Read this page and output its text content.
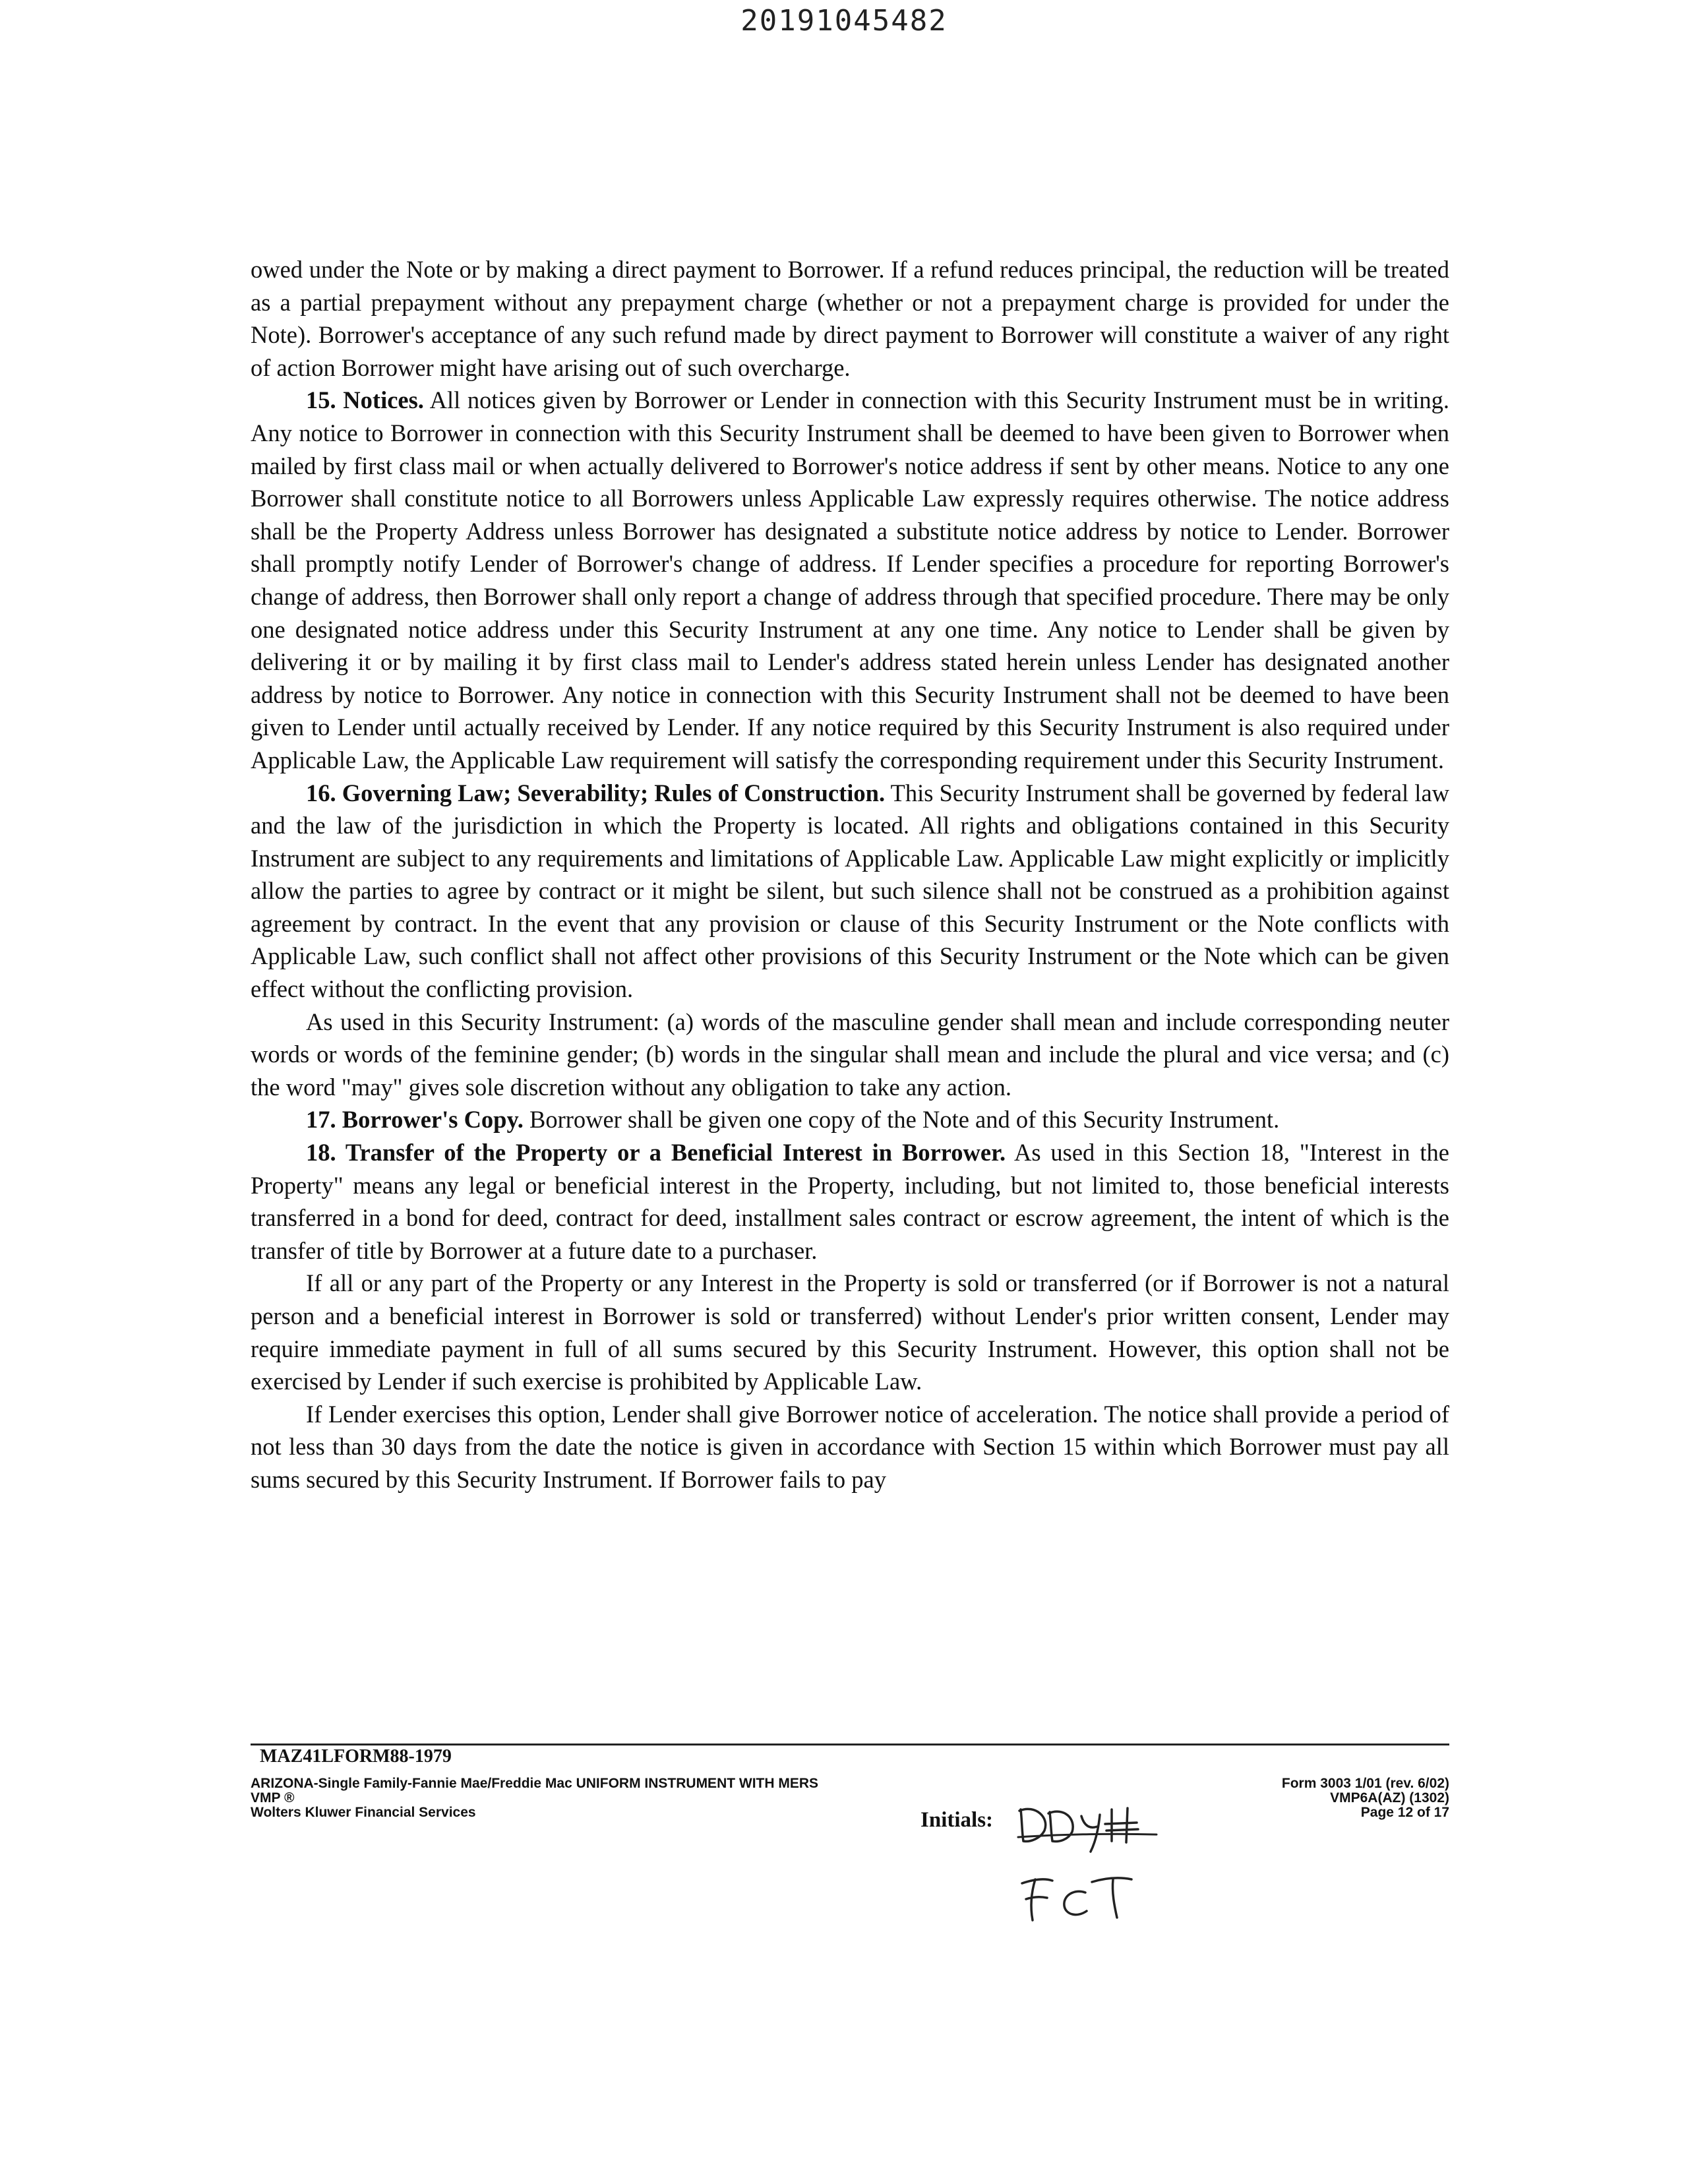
20191045482

owed under the Note or by making a direct payment to Borrower. If a refund reduces principal, the reduction will be treated as a partial prepayment without any prepayment charge (whether or not a prepayment charge is provided for under the Note). Borrower's acceptance of any such refund made by direct payment to Borrower will constitute a waiver of any right of action Borrower might have arising out of such overcharge.

15. Notices. All notices given by Borrower or Lender in connection with this Security Instrument must be in writing. Any notice to Borrower in connection with this Security Instrument shall be deemed to have been given to Borrower when mailed by first class mail or when actually delivered to Borrower's notice address if sent by other means. Notice to any one Borrower shall constitute notice to all Borrowers unless Applicable Law expressly requires otherwise. The notice address shall be the Property Address unless Borrower has designated a substitute notice address by notice to Lender. Borrower shall promptly notify Lender of Borrower's change of address. If Lender specifies a procedure for reporting Borrower's change of address, then Borrower shall only report a change of address through that specified procedure. There may be only one designated notice address under this Security Instrument at any one time. Any notice to Lender shall be given by delivering it or by mailing it by first class mail to Lender's address stated herein unless Lender has designated another address by notice to Borrower. Any notice in connection with this Security Instrument shall not be deemed to have been given to Lender until actually received by Lender. If any notice required by this Security Instrument is also required under Applicable Law, the Applicable Law requirement will satisfy the corresponding requirement under this Security Instrument.

16. Governing Law; Severability; Rules of Construction. This Security Instrument shall be governed by federal law and the law of the jurisdiction in which the Property is located. All rights and obligations contained in this Security Instrument are subject to any requirements and limitations of Applicable Law. Applicable Law might explicitly or implicitly allow the parties to agree by contract or it might be silent, but such silence shall not be construed as a prohibition against agreement by contract. In the event that any provision or clause of this Security Instrument or the Note conflicts with Applicable Law, such conflict shall not affect other provisions of this Security Instrument or the Note which can be given effect without the conflicting provision.

As used in this Security Instrument: (a) words of the masculine gender shall mean and include corresponding neuter words or words of the feminine gender; (b) words in the singular shall mean and include the plural and vice versa; and (c) the word "may" gives sole discretion without any obligation to take any action.

17. Borrower's Copy. Borrower shall be given one copy of the Note and of this Security Instrument.

18. Transfer of the Property or a Beneficial Interest in Borrower. As used in this Section 18, "Interest in the Property" means any legal or beneficial interest in the Property, including, but not limited to, those beneficial interests transferred in a bond for deed, contract for deed, installment sales contract or escrow agreement, the intent of which is the transfer of title by Borrower at a future date to a purchaser.

If all or any part of the Property or any Interest in the Property is sold or transferred (or if Borrower is not a natural person and a beneficial interest in Borrower is sold or transferred) without Lender's prior written consent, Lender may require immediate payment in full of all sums secured by this Security Instrument. However, this option shall not be exercised by Lender if such exercise is prohibited by Applicable Law.

If Lender exercises this option, Lender shall give Borrower notice of acceleration. The notice shall provide a period of not less than 30 days from the date the notice is given in accordance with Section 15 within which Borrower must pay all sums secured by this Security Instrument. If Borrower fails to pay

MAZ41LFORM88-1979
ARIZONA-Single Family-Fannie Mae/Freddie Mac UNIFORM INSTRUMENT WITH MERS
VMP ®
Wolters Kluwer Financial Services
Form 3003 1/01 (rev. 6/02)
VMP6A(AZ) (1302)
Page 12 of 17
Initials:
